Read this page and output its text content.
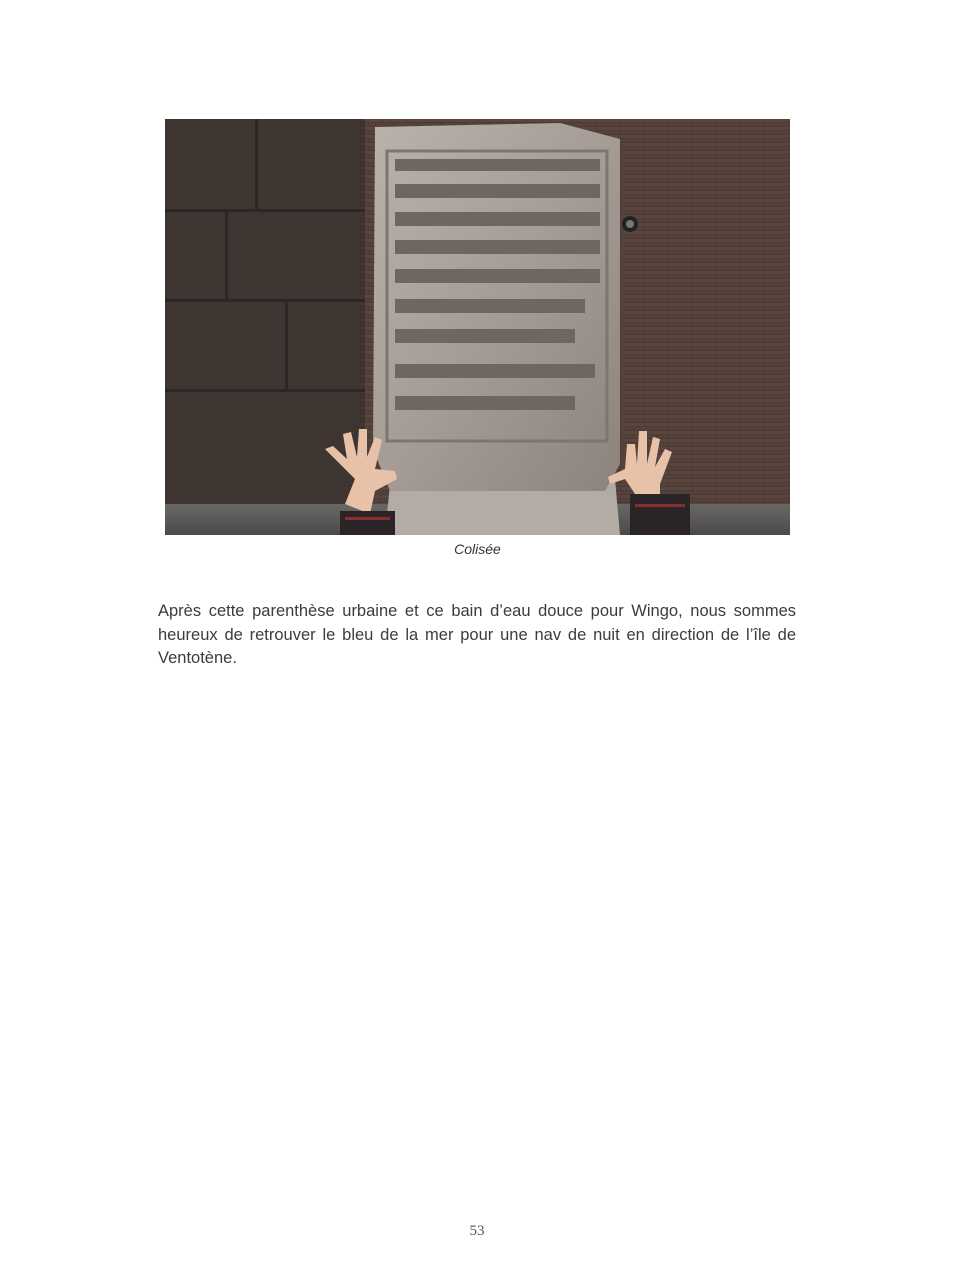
Colisée

Après cette parenthèse urbaine et ce bain d’eau douce pour Wingo, nous sommes heureux de retrouver le bleu de la mer pour une nav de nuit en direction de l’île de Ventotène.

53
